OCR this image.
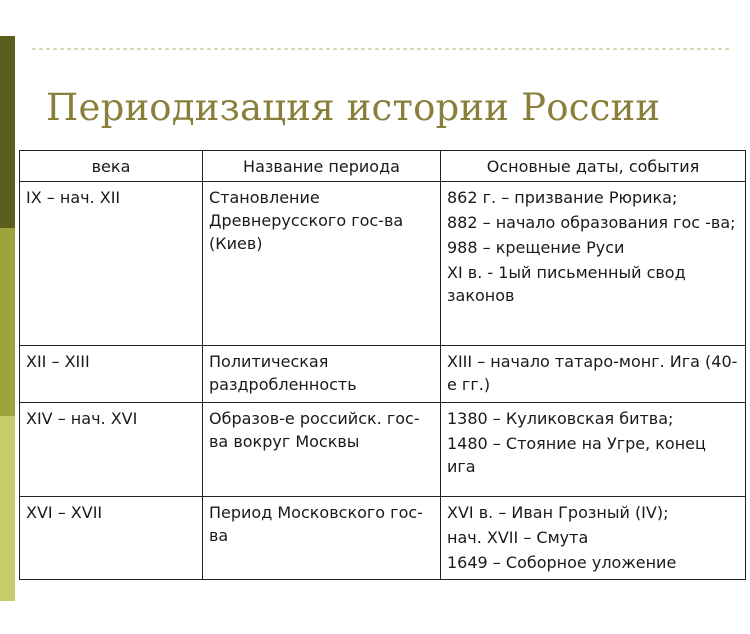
Периодизация истории России
века	Название периода	Основные даты, события
IX – нач. XII	Становление Древнерусского гос-ва (Киев)	862 г. – призвание Рюрика;
882 – начало образования гос -ва;
988 – крещение Руси
XI в. - 1ый письменный свод законов

XII – XIII	Политическая раздробленность	XIII – начало татаро-монг. Ига (40-е гг.)

XIV – нач. XVI	Образов-е российск. гос-ва вокруг Москвы	1380 – Куликовская битва;
1480 – Стояние на Угре, конец ига

XVI – XVII	Период Московского гос-ва	XVI в. – Иван Грозный (IV);
нач. XVII – Смута
1649 – Соборное уложение
